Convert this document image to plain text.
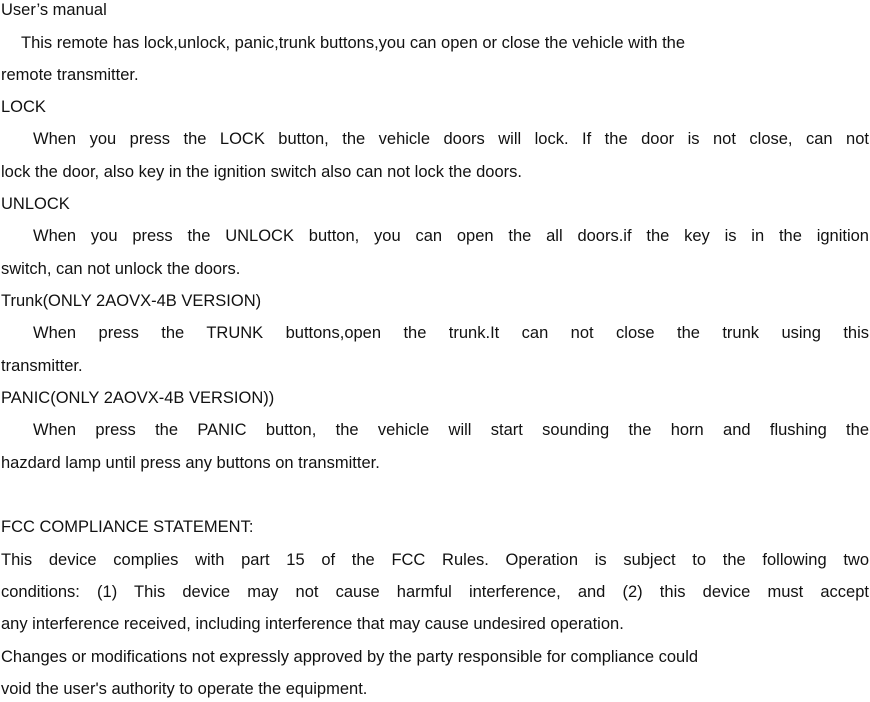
User’s manual
This remote has lock,unlock, panic,trunk buttons,you can open or close the vehicle with the
remote transmitter.
LOCK
When you press the LOCK button, the vehicle doors will lock. If the door is not close, can not
lock the door, also key in the ignition switch also can not lock the doors.
UNLOCK
When you press the UNLOCK button, you can open the all doors.if the key is in the ignition
switch, can not unlock the doors.
Trunk(ONLY 2AOVX-4B VERSION)
When press the TRUNK buttons,open the trunk.It can not close the trunk using this
transmitter.
PANIC(ONLY 2AOVX-4B VERSION))
When press the PANIC button, the vehicle will start sounding the horn and flushing the
hazdard lamp until press any buttons on transmitter.
FCC COMPLIANCE STATEMENT:
This device complies with part 15 of the FCC Rules. Operation is subject to the following two
conditions: (1) This device may not cause harmful interference, and (2) this device must accept
any interference received, including interference that may cause undesired operation.
Changes or modifications not expressly approved by the party responsible for compliance could
void the user's authority to operate the equipment.
